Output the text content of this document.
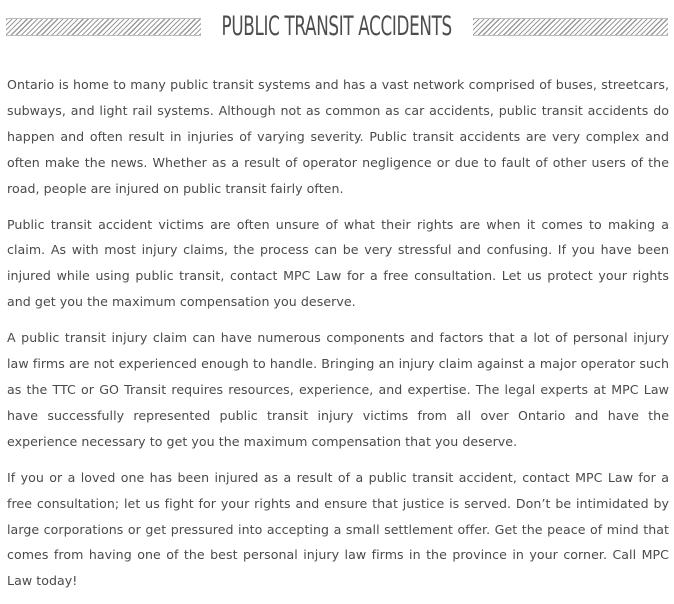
PUBLIC TRANSIT ACCIDENTS

Ontario is home to many public transit systems and has a vast network comprised of buses, streetcars, subways, and light rail systems. Although not as common as car accidents, public transit accidents do happen and often result in injuries of varying severity. Public transit accidents are very complex and often make the news. Whether as a result of operator negligence or due to fault of other users of the road, people are injured on public transit fairly often.

Public transit accident victims are often unsure of what their rights are when it comes to making a claim. As with most injury claims, the process can be very stressful and confusing. If you have been injured while using public transit, contact MPC Law for a free consultation. Let us protect your rights and get you the maximum compensation you deserve.

A public transit injury claim can have numerous components and factors that a lot of personal injury law firms are not experienced enough to handle. Bringing an injury claim against a major operator such as the TTC or GO Transit requires resources, experience, and expertise. The legal experts at MPC Law have successfully represented public transit injury victims from all over Ontario and have the experience necessary to get you the maximum compensation that you deserve.

If you or a loved one has been injured as a result of a public transit accident, contact MPC Law for a free consultation; let us fight for your rights and ensure that justice is served. Don’t be intimidated by large corporations or get pressured into accepting a small settlement offer. Get the peace of mind that comes from having one of the best personal injury law firms in the province in your corner. Call MPC Law today!
